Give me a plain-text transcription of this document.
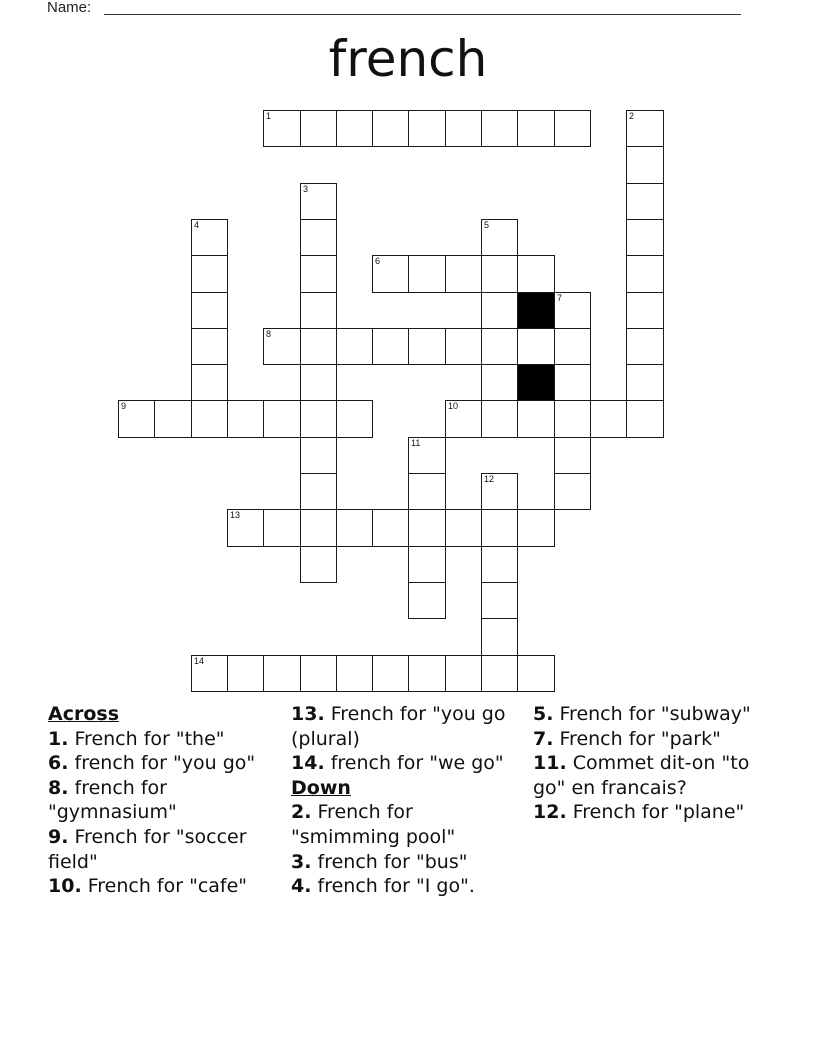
Name:
french
1
6
8
9	10
13
14
2
3
4	5
7
11
12
Across
1. French for "the"
6. french for "you go"
8. french for "gymnasium"
9. French for "soccer field"
10. French for "cafe"
13. French for "you go (plural)
14. french for "we go"
Down
2. French for "smimming pool"
3. french for "bus"
4. french for "I go".
5. French for "subway"
7. French for "park"
11. Commet dit-on "to go" en francais?
12. French for "plane"
